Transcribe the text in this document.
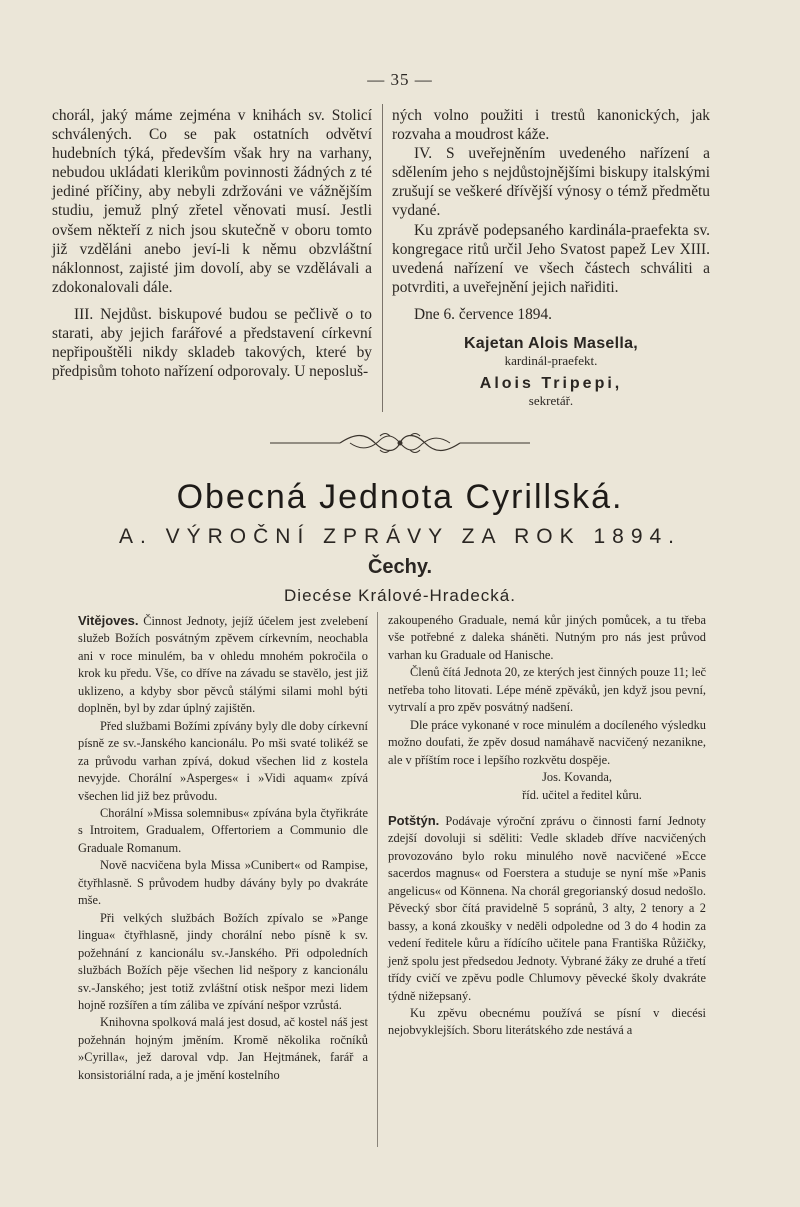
— 35 —

chorál, jaký máme zejména v knihách sv. Stolicí schválených. Co se pak ostatních odvětví hudebních týká, především však hry na varhany, nebudou ukládati klerikům povinnosti žádných z té jediné příčiny, aby nebyli zdržováni ve vážnějším studiu, jemuž plný zřetel věnovati musí. Jestli ovšem někteří z nich jsou skutečně v oboru tomto již vzděláni anebo jeví-li k němu obzvláštní náklonnost, zajisté jim dovolí, aby se vzdělávali a zdokonalovali dále.

III. Nejdůst. biskupové budou se pečlivě o to starati, aby jejich farářové a představení církevní nepřipouštěli nikdy skladeb takových, které by předpisům tohoto nařízení odporovaly. U neposluš-

ných volno použiti i trestů kanonických, jak rozvaha a moudrost káže.

IV. S uveřejněním uvedeného nařízení a sdělením jeho s nejdůstojnějšími biskupy italskými zrušují se veškeré dřívější výnosy o témž předmětu vydané.

Ku zprávě podepsaného kardinála-praefekta sv. kongregace ritů určil Jeho Svatost papež Lev XIII. uvedená nařízení ve všech částech schváliti a potvrditi, a uveřejnění jejich nařiditi.

Dne 6. července 1894.

Kajetan Alois Masella,

kardinál-praefekt.

Alois Tripepi,

sekretář.

Obecná Jednota Cyrillská.
A. VÝROČNÍ ZPRÁVY ZA ROK 1894.
Čechy.
Diecése Králové-Hradecká.

Vitějoves. Činnost Jednoty, jejíž účelem jest zvelebení služeb Božích posvátným zpěvem církevním, neochabla ani v roce minulém, ba v ohledu mnohém pokročila o krok ku předu. Vše, co dříve na závadu se stavělo, jest již uklizeno, a kdyby sbor pěvců stálými silami mohl býti doplněn, byl by zdar úplný zajištěn.

Před službami Božími zpívány byly dle doby církevní písně ze sv.-Janského kancionálu. Po mši svaté tolikéž se za průvodu varhan zpívá, dokud všechen lid z kostela nevyjde. Chorální »Asperges« i »Vidi aquam« zpívá všechen lid již bez průvodu.

Chorální »Missa solemnibus« zpívána byla čtyřikráte s Introitem, Gradualem, Offertoriem a Communio dle Graduale Romanum.

Nově nacvičena byla Missa »Cunibert« od Rampise, čtyřhlasně. S průvodem hudby dávány byly po dvakráte mše.

Při velkých službách Božích zpívalo se »Pange lingua« čtyřhlasně, jindy chorální nebo písně k sv. požehnání z kancionálu sv.-Janského. Při odpoledních službách Božích pěje všechen lid nešpory z kancionálu sv.-Janského; jest totiž zvláštní otisk nešpor mezi lidem hojně rozšířen a tím záliba ve zpívání nešpor vzrůstá.

Knihovna spolková malá jest dosud, ač kostel náš jest požehnán hojným jměním. Kromě několika ročníků »Cyrilla«, jež daroval vdp. Jan Hejtmánek, farář a konsistoriální rada, a je jmění kostelního

zakoupeného Graduale, nemá kůr jiných pomůcek, a tu třeba vše potřebné z daleka sháněti. Nutným pro nás jest průvod varhan ku Graduale od Hanische.

Členů čítá Jednota 20, ze kterých jest činných pouze 11; leč netřeba toho litovati. Lépe méně zpěváků, jen když jsou pevní, vytrvalí a pro zpěv posvátný nadšení.

Dle práce vykonané v roce minulém a docíleného výsledku možno doufati, že zpěv dosud namáhavě nacvičený nezanikne, ale v příštím roce i lepšího rozkvětu dospěje.

Jos. Kovanda,

říd. učitel a ředitel kůru.

Potštýn. Podávaje výroční zprávu o činnosti farní Jednoty zdejší dovoluji si sděliti: Vedle skladeb dříve nacvičených provozováno bylo roku minulého nově nacvičené »Ecce sacerdos magnus« od Foerstera a studuje se nyní mše »Panis angelicus« od Könnena. Na chorál gregorianský dosud nedošlo. Pěvecký sbor čítá pravidelně 5 sopránů, 3 alty, 2 tenory a 2 bassy, a koná zkoušky v neděli odpoledne od 3 do 4 hodin za vedení ředitele kůru a řídícího učitele pana Františka Růžičky, jenž spolu jest předsedou Jednoty. Vybrané žáky ze druhé a třetí třídy cvičí ve zpěvu podle Chlumovy pěvecké školy dvakráte týdně nižepsaný.

Ku zpěvu obecnému používá se písní v diecési nejobvyklejších. Sboru literátského zde nestává a
